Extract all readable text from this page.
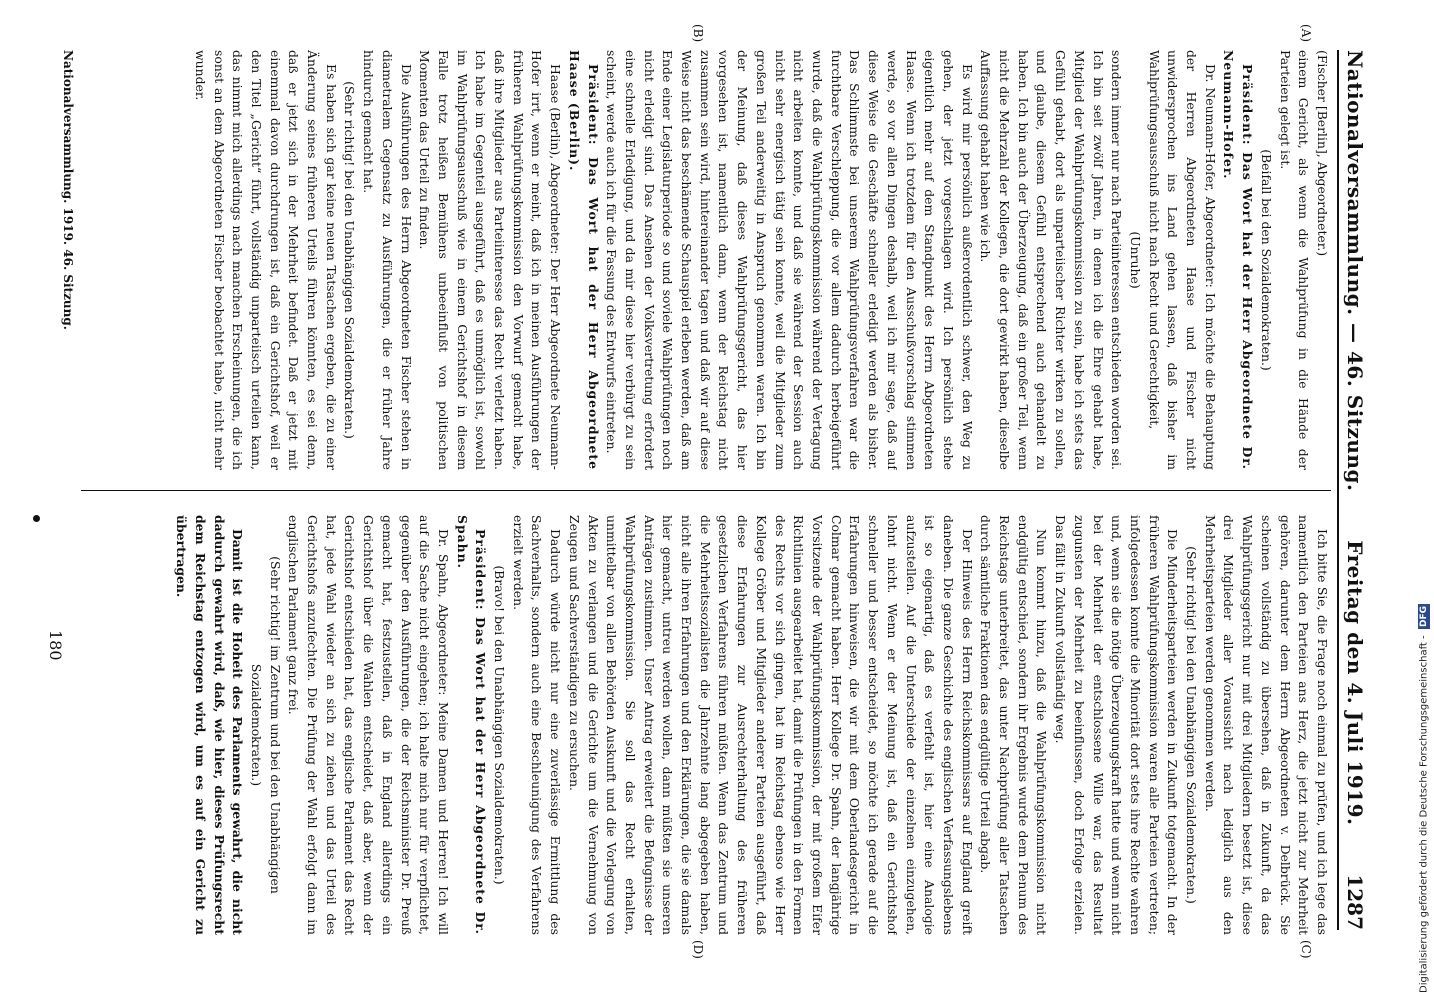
Nationalversammlung. — 46. Sitzung.
Freitag den 4. Juli 1919.
1287
(A)
(B)
(C)
(D)

(Fischer [Berlin], Abgeordneter.)

einem Gericht, als wenn die Wahlprüfung in die Hände der Parteien gelegt ist.

(Beifall bei den Sozialdemokraten.)

Präsident: Das Wort hat der Herr Abgeordnete Dr. Neumann-Hofer.

Dr. Neumann-Hofer, Abgeordneter: Ich möchte die Behauptung der Herren Abgeordneten Haase und Fischer nicht unwidersprochen ins Land gehen lassen, daß bisher im Wahlprüfungsausschuß nicht nach Recht und Gerechtigkeit,

(Unruhe)

sondern immer nur nach Parteiinteressen entschieden worden sei. Ich bin seit zwölf Jahren, in denen ich die Ehre gehabt habe, Mitglied der Wahlprüfungskommission zu sein, habe ich stets das Gefühl gehabt, dort als unparteiischer Richter wirken zu sollen, und glaube, diesem Gefühl entsprechend auch gehandelt zu haben. Ich bin auch der Überzeugung, daß ein großer Teil, wenn nicht die Mehrzahl der Kollegen, die dort gewirkt haben, dieselbe Auffassung gehabt haben wie ich.

Es wird mir persönlich außerordentlich schwer, den Weg zu gehen, der jetzt vorgeschlagen wird. Ich persönlich stehe eigentlich mehr auf dem Standpunkt des Herrn Abgeordneten Haase. Wenn ich trotzdem für den Ausschußvorschlag stimmen werde, so vor allen Dingen deshalb, weil ich mir sage, daß auf diese Weise die Geschäfte schneller erledigt werden als bisher. Das Schlimmste bei unserem Wahlprüfungsverfahren war die furchtbare Verschleppung, die vor allem dadurch herbeigeführt wurde, daß die Wahlprüfungskommission während der Vertagung nicht arbeiten konnte, und daß sie während der Session auch nicht sehr energisch tätig sein konnte, weil die Mitglieder zum großen Teil anderweitig in Anspruch genommen waren. Ich bin der Meinung, daß dieses Wahlprüfungsgericht, das hier vorgesehen ist, namentlich dann, wenn der Reichstag nicht zusammen sein wird, hintereinander tagen und daß wir auf diese Weise nicht das beschämende Schauspiel erleben werden, daß am Ende einer Legislaturperiode so und soviele Wahlprüfungen noch nicht erledigt sind. Das Ansehen der Volksvertretung erfordert eine schnelle Erledigung, und da mir diese hier verbürgt zu sein scheint, werde auch ich für die Fassung des Entwurfs eintreten.

Präsident: Das Wort hat der Herr Abgeordnete Haase (Berlin).

Haase (Berlin), Abgeordneter: Der Herr Abgeordnete Neumann-Hofer irrt, wenn er meint, daß ich in meinen Ausführungen der früheren Wahlprüfungskommission den Vorwurf gemacht habe, daß ihre Mitglieder aus Parteiinteresse das Recht verletzt haben. Ich habe im Gegenteil ausgeführt, daß es unmöglich ist, sowohl im Wahlprüfungsausschuß wie in einem Gerichtshof in diesem Falle trotz heißen Bemühens unbeeinflußt von politischen Momenten das Urteil zu finden.

Die Ausführungen des Herrn Abgeordneten Fischer stehen in diametralem Gegensatz zu Ausführungen, die er früher Jahre hindurch gemacht hat.

(Sehr richtig! bei den Unabhängigen Sozialdemokraten.)

Es haben sich gar keine neuen Tatsachen ergeben, die zu einer Änderung seines früheren Urteils führen könnten, es sei denn, daß er jetzt sich in der Mehrheit befindet. Daß er jetzt mit einemmal davon durchdrungen ist, daß ein Gerichtshof, weil er den Titel „Gericht“ führt, vollständig unparteiisch urteilen kann, das nimmt mich allerdings nach manchen Erscheinungen, die ich sonst an dem Abgeordneten Fischer beobachtet habe, nicht mehr wunder.

Ich bitte Sie, die Frage noch einmal zu prüfen, und ich lege das namentlich den Parteien ans Herz, die jetzt nicht zur Mehrheit gehören, darunter dem Herrn Abgeordneten v. Delbrück. Sie scheinen vollständig zu übersehen, daß in Zukunft, da das Wahlprüfungsgericht nur mit drei Mitgliedern besetzt ist, diese drei Mitglieder aller Voraussicht nach lediglich aus den Mehrheitsparteien werden genommen werden.

(Sehr richtig! bei den Unabhängigen Sozialdemokraten.)

Die Minderheitsparteien werden in Zukunft totgemacht. In der früheren Wahlprüfungskommission waren alle Parteien vertreten; infolgedessen konnte die Minorität dort stets ihre Rechte wahren und, wenn sie die nötige Überzeugungskraft hatte und wenn nicht bei der Mehrheit der entschlossene Wille war, das Resultat zugunsten der Mehrheit zu beeinflussen, doch Erfolge erzielen. Das fällt in Zukunft vollständig weg.

Nun kommt hinzu, daß die Wahlprüfungskommission nicht endgültig entschied, sondern ihr Ergebnis wurde dem Plenum des Reichstags unterbreitet, das unter Nachprüfung aller Tatsachen durch sämtliche Fraktionen das endgültige Urteil abgab.

Der Hinweis des Herrn Reichskommissars auf England greift daneben. Die ganze Geschichte des englischen Verfassungslebens ist so eigenartig, daß es verfehlt ist, hier eine Analogie aufzustellen. Auf die Unterschiede der einzelnen einzugehen, lohnt nicht. Wenn er der Meinung ist, daß ein Gerichtshof schneller und besser entscheidet, so möchte ich gerade auf die Erfahrungen hinweisen, die wir mit dem Oberlandesgericht in Colmar gemacht haben. Herr Kollege Dr. Spahn, der langjährige Vorsitzende der Wahlprüfungskommission, der mit großem Eifer Richtlinien ausgearbeitet hat, damit die Prüfungen in den Formen des Rechts vor sich gingen, hat im Reichstag ebenso wie Herr Kollege Gröber und Mitglieder anderer Parteien ausgeführt, daß diese Erfahrungen zur Ausrechterhaltung des früheren gesetzlichen Verfahrens führen müßten. Wenn das Zentrum und die Mehrheitssozialisten die Jahrzehnte lang abgegeben haben, nicht alle ihren Erfahrungen und den Erklärungen, die sie damals hier gemacht, untreu werden wollen, dann müßten sie unseren Anträgen zustimmen. Unser Antrag erweitert die Befugnisse der Wahlprüfungskommission. Sie soll das Recht erhalten, unmittelbar von allen Behörden Auskunft und die Vorlegung von Akten zu verlangen und die Gerichte um die Vernehmung von Zeugen und Sachverständigen zu ersuchen.

Dadurch würde nicht nur eine zuverlässige Ermittlung des Sachverhalts, sondern auch eine Beschleunigung des Verfahrens erzielt werden.

(Bravo! bei den Unabhängigen Sozialdemokraten.)

Präsident: Das Wort hat der Herr Abgeordnete Dr. Spahn.

Dr. Spahn, Abgeordneter: Meine Damen und Herren! Ich will auf die Sache nicht eingehen; ich halte mich nur für verpflichtet, gegenüber den Ausführungen, die der Reichsminister Dr. Preuß gemacht hat, festzustellen, daß in England allerdings ein Gerichtshof über die Wahlen entscheidet, daß aber, wenn der Gerichtshof entschieden hat, das englische Parlament das Recht hat, jede Wahl wieder an sich zu ziehen und das Urteil des Gerichtshofs anzufechten. Die Prüfung der Wahl erfolgt dann im englischen Parlament ganz frei.

(Sehr richtig! im Zentrum und bei den Unabhängigen Sozialdemokraten.)

Damit ist die Hoheit des Parlaments gewahrt, die nicht dadurch gewahrt wird, daß, wie hier, dieses Prüfungsrecht dem Reichstag entzogen wird, um es auf ein Gericht zu übertragen.

Nationalversammlung. 1919. 46. Sitzung.
180	Digitalisierung gefördert durch die Deutsche Forschungsgemeinschaft -
DFG
